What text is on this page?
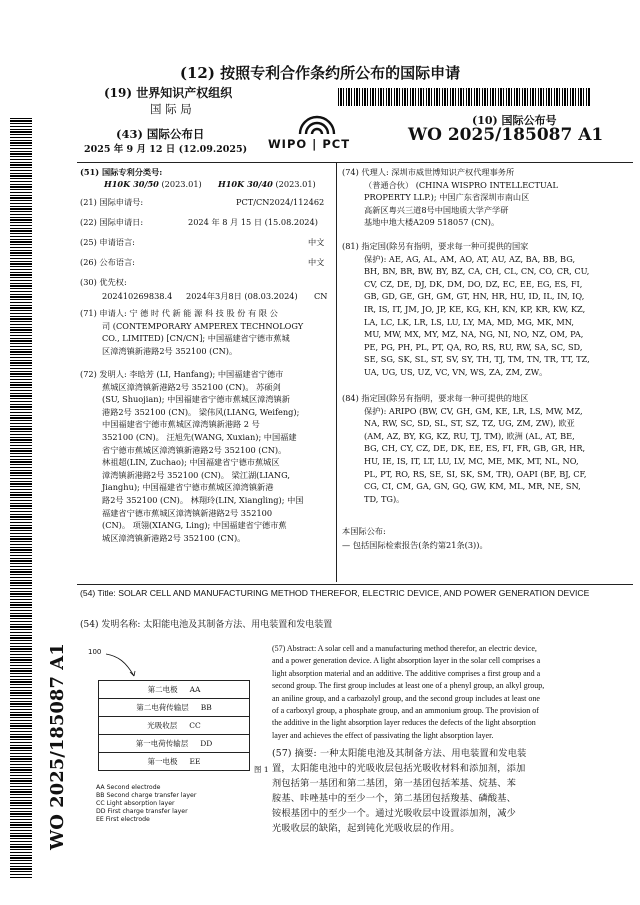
(12) 按照专利合作条约所公布的国际申请
(19) 世界知识产权组织
国 际 局
(43) 国际公布日
2025 年 9 月 12 日 (12.09.2025) WIPO | PCT
(10) 国际公布号
WO 2025/185087 A1
WO 2025/185087 A1
(51) 国际专利分类号:
H10K 30/50 (2023.01) H10K 30/40 (2023.01)
(21) 国际申请号:	PCT/CN2024/112462
(22) 国际申请日:	2024 年 8 月 15 日 (15.08.2024)
(25) 申请语言:	中文
(26) 公布语言:	中文
(30) 优先权:
202410269838.4 2024年3月8日 (08.03.2024) CN
(71) 申请人: 宁 德 时 代 新 能 源 科 技 股 份 有 限 公
司 (CONTEMPORARY AMPEREX TECHNOLOGY
CO., LIMITED) [CN/CN]; 中国福建省宁德市蕉城
区漳湾镇新港路2号 352100 (CN)。
(72) 发明人: 李晗芳 (LI, Hanfang); 中国福建省宁德市
蕉城区漳湾镇新港路2号 352100 (CN)。 苏硕剑
(SU, Shuojian); 中国福建省宁德市蕉城区漳湾镇新
港路2号 352100 (CN)。 梁伟风(LIANG, Weifeng);
中国福建省宁德市蕉城区漳湾镇新港路 2 号
352100 (CN)。 汪旭先(WANG, Xuxian); 中国福建
省宁德市蕉城区漳湾镇新港路2号 352100 (CN)。
林祖超(LIN, Zuchao); 中国福建省宁德市蕉城区
漳湾镇新港路2号 352100 (CN)。 梁江湖(LIANG,
Jianghu); 中国福建省宁德市蕉城区漳湾镇新港
路2号 352100 (CN)。 林翔玲(LIN, Xiangling); 中国
福建省宁德市蕉城区漳湾镇新港路2号 352100
(CN)。 项翎(XIANG, Ling); 中国福建省宁德市蕉
城区漳湾镇新港路2号 352100 (CN)。
(74) 代理人: 深圳市威世博知识产权代理事务所
（普通合伙） (CHINA WISPRO INTELLECTUAL
PROPERTY LLP.); 中国广东省深圳市南山区
高新区粤兴三道8号中国地质大学产学研
基地中地大楼A209 518057 (CN)。
(81) 指定国(除另有指明，要求每一种可提供的国家
保护): AE, AG, AL, AM, AO, AT, AU, AZ, BA, BB, BG,
BH, BN, BR, BW, BY, BZ, CA, CH, CL, CN, CO, CR, CU,
CV, CZ, DE, DJ, DK, DM, DO, DZ, EC, EE, EG, ES, FI,
GB, GD, GE, GH, GM, GT, HN, HR, HU, ID, IL, IN, IQ,
IR, IS, IT, JM, JO, JP, KE, KG, KH, KN, KP, KR, KW, KZ,
LA, LC, LK, LR, LS, LU, LY, MA, MD, MG, MK, MN,
MU, MW, MX, MY, MZ, NA, NG, NI, NO, NZ, OM, PA,
PE, PG, PH, PL, PT, QA, RO, RS, RU, RW, SA, SC, SD,
SE, SG, SK, SL, ST, SV, SY, TH, TJ, TM, TN, TR, TT, TZ,
UA, UG, US, UZ, VC, VN, WS, ZA, ZM, ZW。
(84) 指定国(除另有指明，要求每一种可提供的地区
保护): ARIPO (BW, CV, GH, GM, KE, LR, LS, MW, MZ,
NA, RW, SC, SD, SL, ST, SZ, TZ, UG, ZM, ZW), 欧亚
(AM, AZ, BY, KG, KZ, RU, TJ, TM), 欧洲 (AL, AT, BE,
BG, CH, CY, CZ, DE, DK, EE, ES, FI, FR, GB, GR, HR,
HU, IE, IS, IT, LT, LU, LV, MC, ME, MK, MT, NL, NO,
PL, PT, RO, RS, SE, SI, SK, SM, TR), OAPI (BF, BJ, CF,
CG, CI, CM, GA, GN, GQ, GW, KM, ML, MR, NE, SN,
TD, TG)。
本国际公布:
— 包括国际检索报告(条约第21条(3))。
(54) Title: SOLAR CELL AND MANUFACTURING METHOD THEREFOR, ELECTRIC DEVICE, AND POWER GENERATION DEVICE
(54) 发明名称: 太阳能电池及其制备方法、用电装置和发电装置
100
第二电极 AA
第二电荷传输层 BB
光吸收层 CC
第一电荷传输层 DD
第一电极 EE
图 1
AA Second electrode
BB Second charge transfer layer
CC Light absorption layer
DD First charge transfer layer
EE First electrode
(57) Abstract: A solar cell and a manufacturing method therefor, an electric device,
and a power generation device. A light absorption layer in the solar cell comprises a
light absorption material and an additive. The additive comprises a first group and a
second group. The first group includes at least one of a phenyl group, an alkyl group,
an aniline group, and a carbazolyl group, and the second group includes at least one
of a carboxyl group, a phosphate group, and an ammonium group. The provision of
the additive in the light absorption layer reduces the defects of the light absorption
layer and achieves the effect of passivating the light absorption layer.
(57) 摘要: 一种太阳能电池及其制备方法、用电装置和发电装
置，太阳能电池中的光吸收层包括光吸收材料和添加剂，添加
剂包括第一基团和第二基团，第一基团包括苯基、烷基、苯
胺基、咔唑基中的至少一个，第二基团包括羧基、磷酸基、
铵根基团中的至少一个。通过光吸收层中设置添加剂，减少
光吸收层的缺陷，起到钝化光吸收层的作用。
